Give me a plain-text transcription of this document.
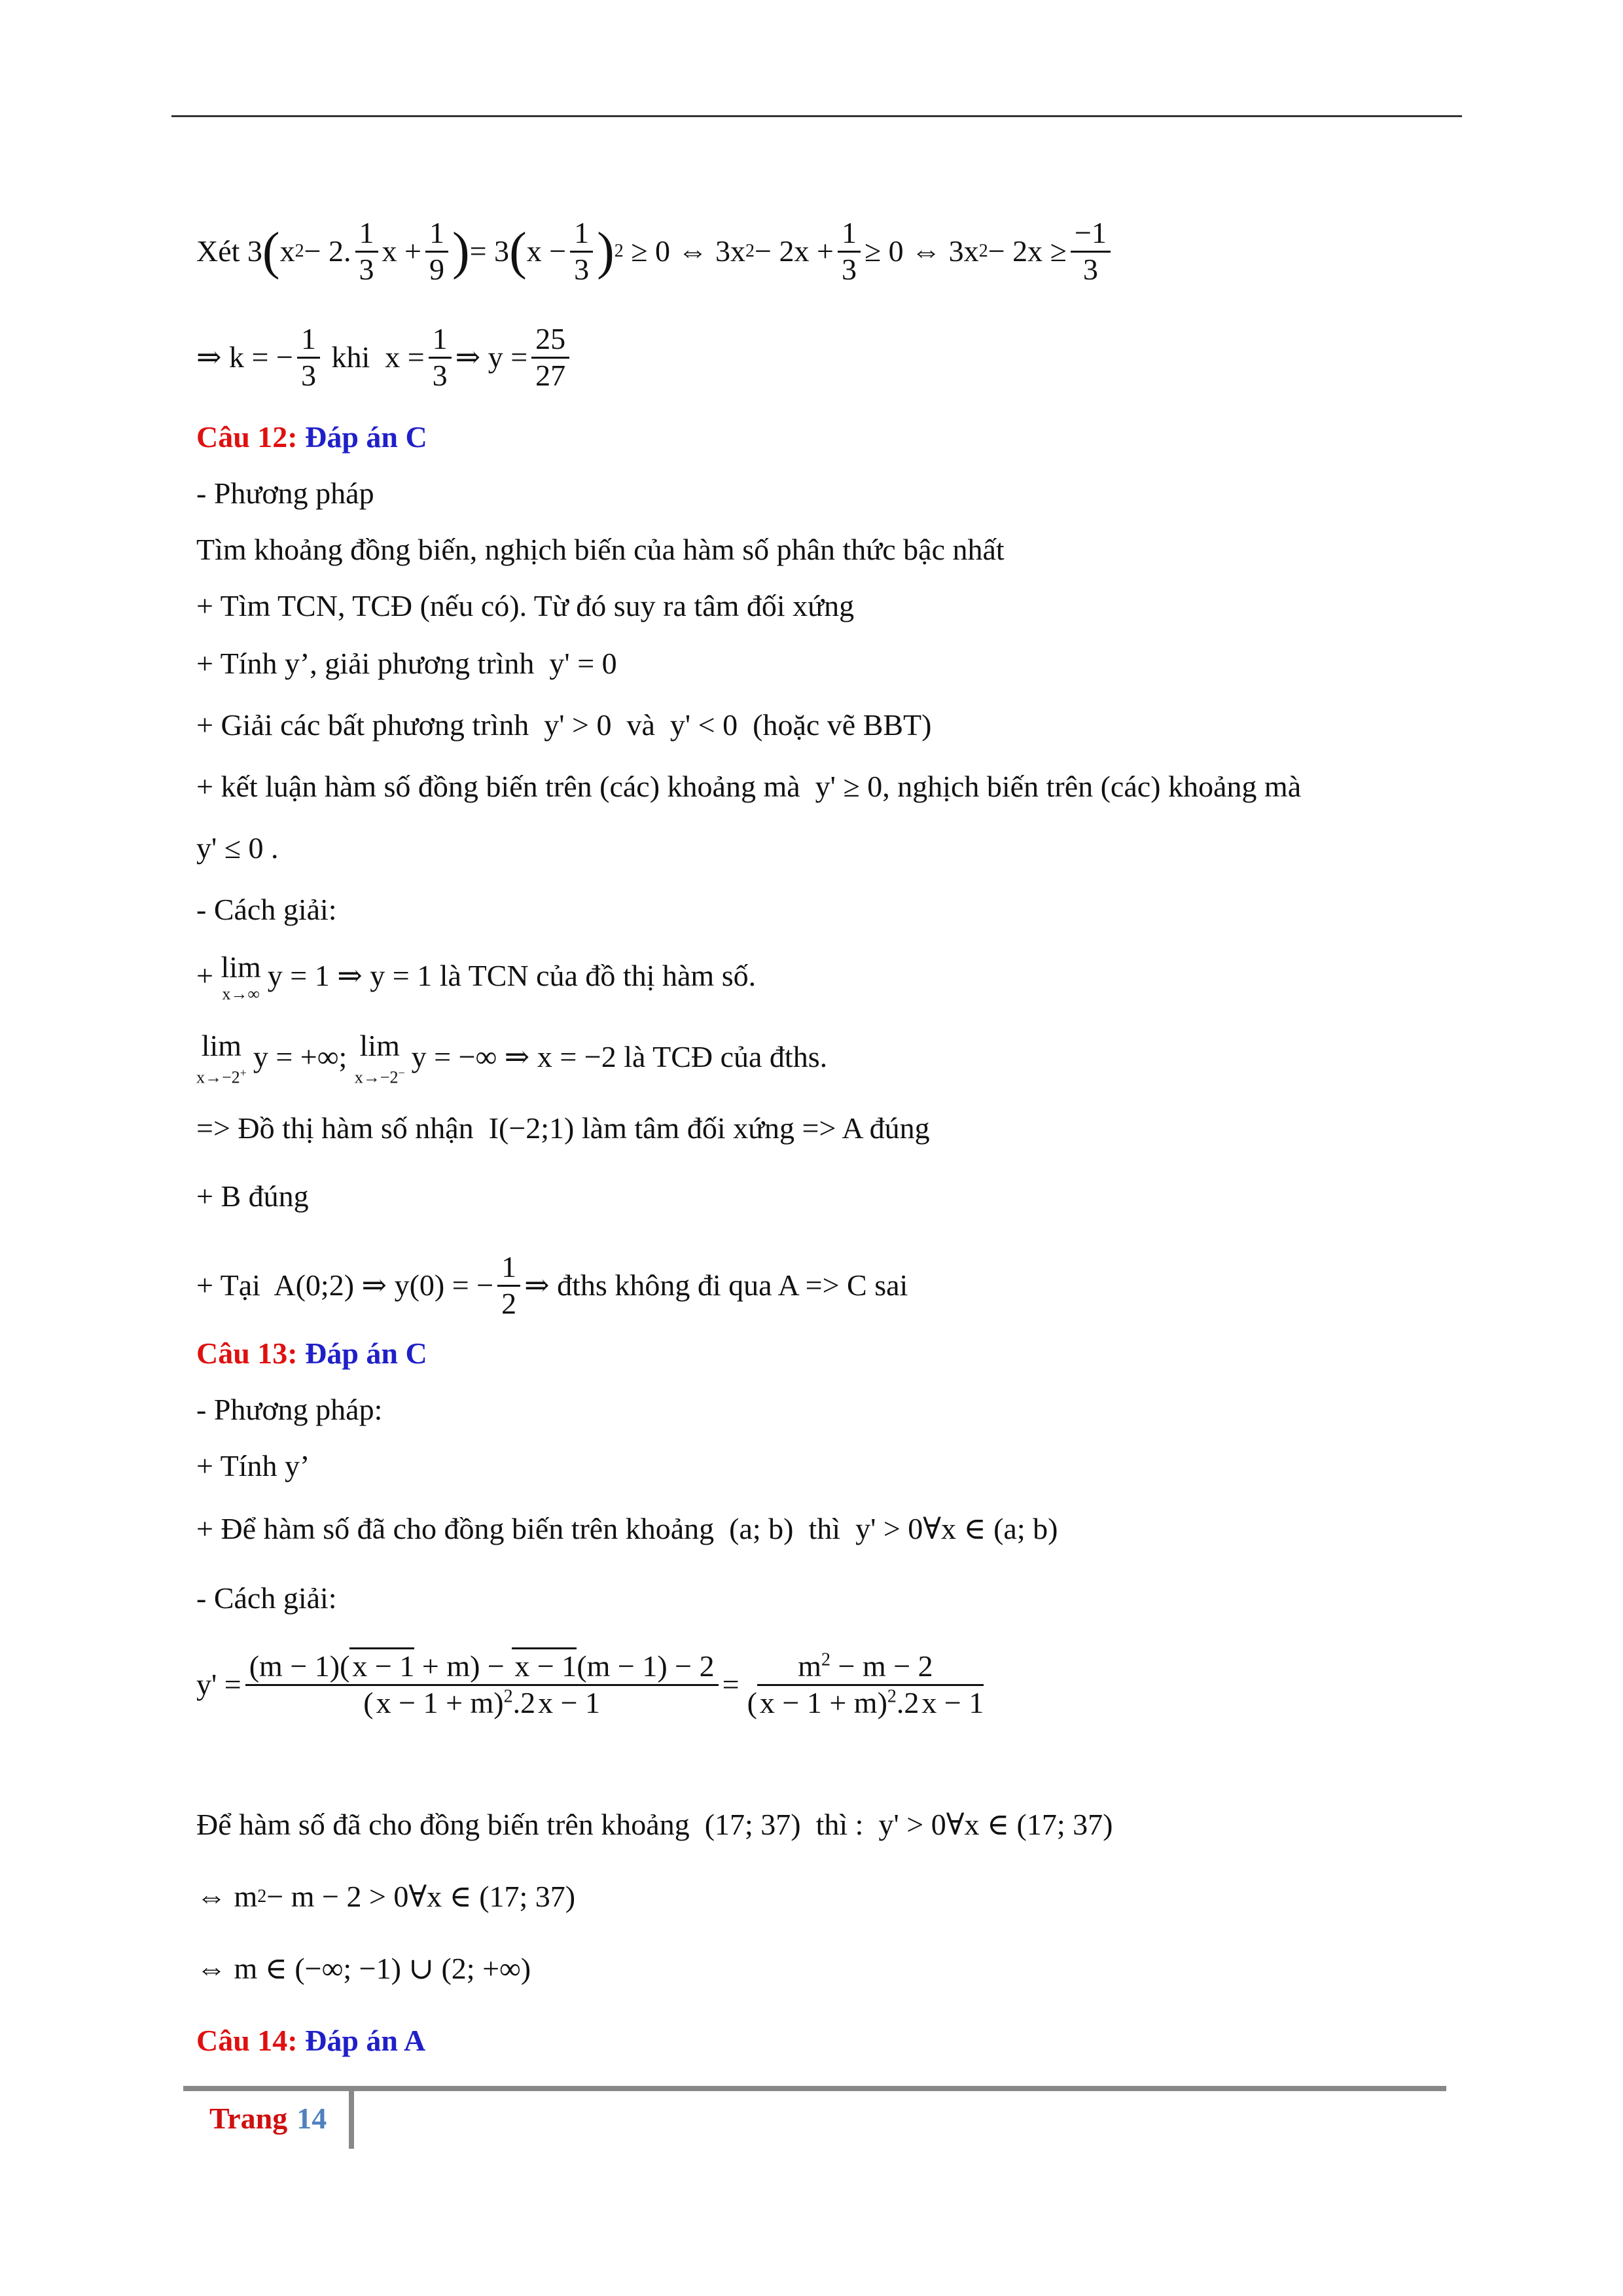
Xét 3 ( x 2 − 2. $\frac{1}{3}$ $x + \frac{1}{9}$ ) = 3 ( $x - \frac{1}{3}$ ) 2 ≥ 0 ⇔ 3x $2 - 2x + \frac{1}{3} \ge 0$ ⇔ 3x $2 - 2x \ge \frac{-1}{3}$
⇒ k = − $\frac{1}{3}$
khi $x = \frac{1}{3}$ ⇒ $y = \frac{25}{27}$
Câu 12:
Đáp án C
- Phương pháp
Tìm khoảng đồng biến, nghịch biến của hàm số phân thức bậc nhất
+ Tìm TCN, TCĐ (nếu có). Từ đó suy ra tâm đối xứng
+ Tính y’, giải phương trình y' = 0
+ Giải các bất phương trình y' > 0 và y' < 0 (hoặc vẽ BBT)
+ kết luận hàm số đồng biến trên (các) khoảng mà y' ≥ 0 , nghịch biến trên (các) khoảng mà
y' ≤ 0 .
- Cách giải:
+ lim
x→∞
y = 1 ⇒ y = 1 là TCN của đồ thị hàm số.
lim
x→−2+ y = +∞; lim
x→−2− y = −∞ ⇒ x = −2 là TCĐ của đths.
=> Đồ thị hàm số nhận I(−2;1) làm tâm đối xứng => A đúng
+ B đúng
+ Tại A(0;2) ⇒ y(0) = − $\frac{1}{2}$ ⇒ đths không đi qua A => C sai
Câu 13:
Đáp án C
- Phương pháp:
+ Tính y’
+ Để hàm số đã cho đồng biến trên khoảng (a; b) thì y' > 0∀x ∈ (a; b)
- Cách giải:
$y' = \frac{(m - 1)(x - 1 + m) - x - 1(m - 1) - 2}{(x - 1 + m)^2.2x - 1} = \frac{m^2 - m - 2}{(x - 1 + m)^2.2x - 1}$
Để hàm số đã cho đồng biến trên khoảng (17; 37) thì : y' > 0∀x ∈ (17; 37)
⇔ m 2 − m − 2 > 0∀x ∈ (17; 37)
⇔ m ∈ (−∞; −1) ∪ (2; +∞)
Câu 14:
Đáp án A
Trang 14
